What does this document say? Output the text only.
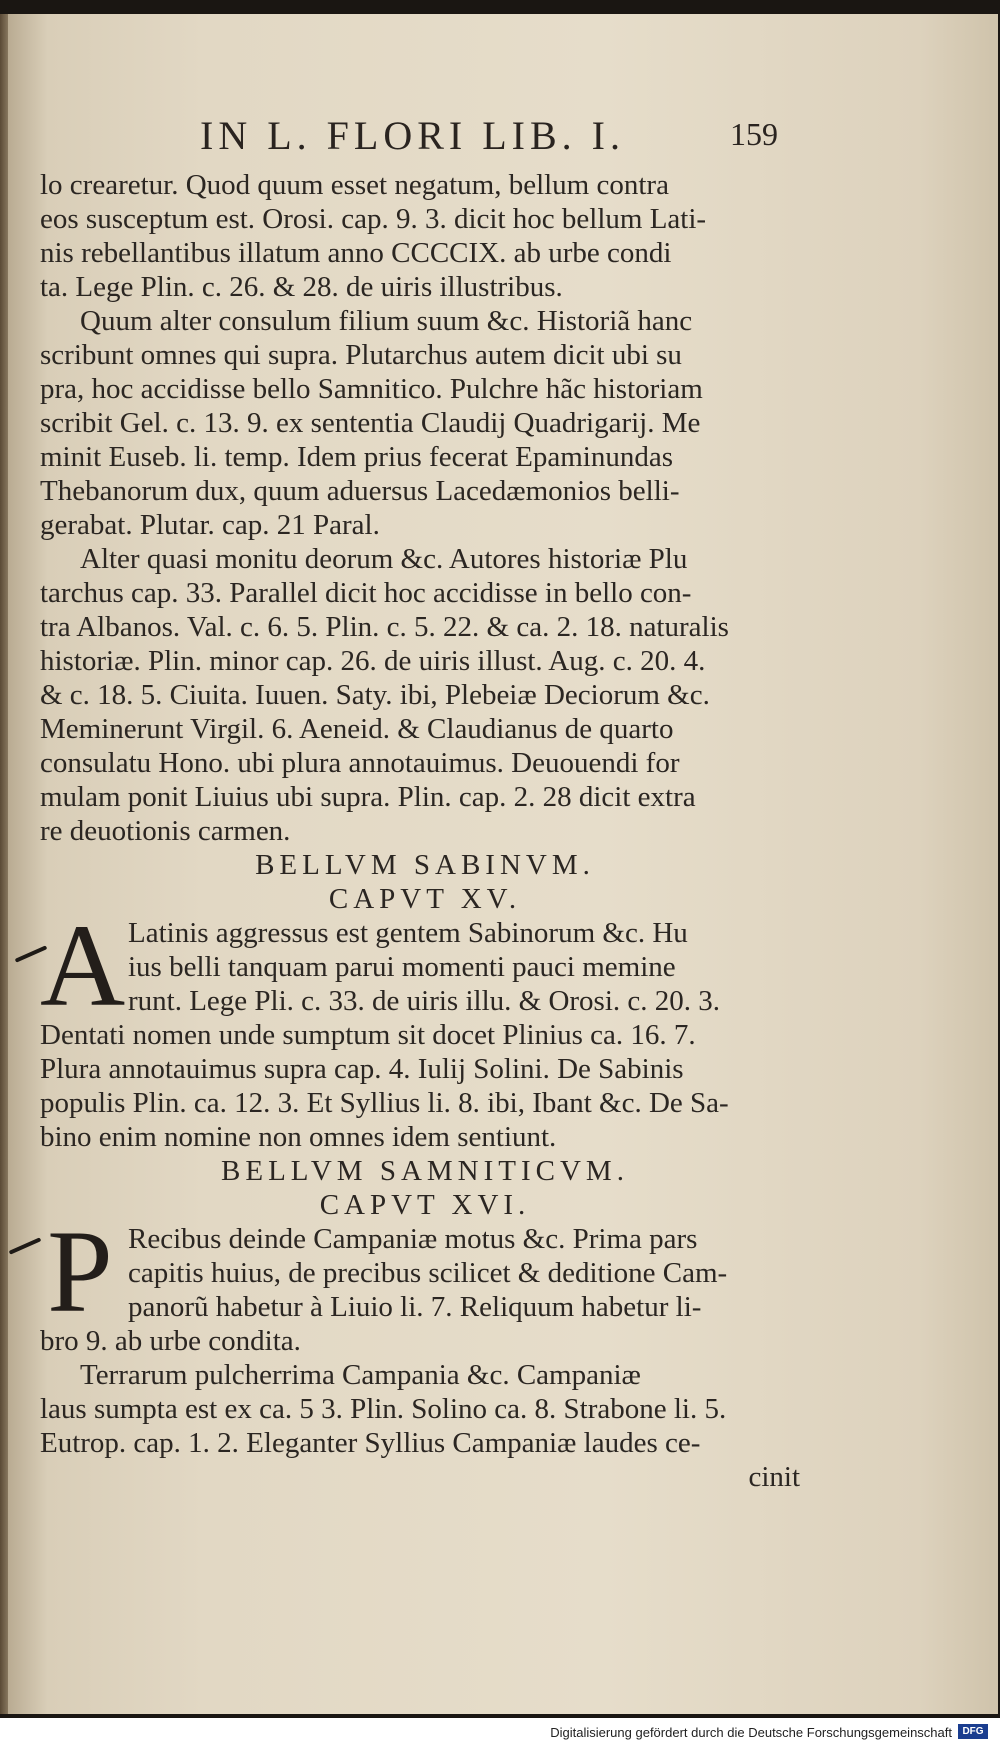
IN L. FLORI LIB. I.	159
lo crearetur. Quod quum esset negatum, bellum contra
eos susceptum est. Orosi. cap. 9. 3. dicit hoc bellum Lati-
nis rebellantibus illatum anno CCCCIX. ab urbe condi
ta. Lege Plin. c. 26. & 28. de uiris illustribus.
Quum alter consulum filium suum &c. Historiã hanc
scribunt omnes qui supra. Plutarchus autem dicit ubi su
pra, hoc accidisse bello Samnitico. Pulchre hãc historiam
scribit Gel. c. 13. 9. ex sententia Claudij Quadrigarij. Me
minit Euseb. li. temp. Idem prius fecerat Epaminundas
Thebanorum dux, quum aduersus Lacedæmonios belli-
gerabat. Plutar. cap. 21 Paral.
Alter quasi monitu deorum &c. Autores historiæ Plu
tarchus cap. 33. Parallel dicit hoc accidisse in bello con-
tra Albanos. Val. c. 6. 5. Plin. c. 5. 22. & ca. 2. 18. naturalis
historiæ. Plin. minor cap. 26. de uiris illust. Aug. c. 20. 4.
& c. 18. 5. Ciuita. Iuuen. Saty. ibi, Plebeiæ Deciorum &c.
Meminerunt Virgil. 6. Aeneid. & Claudianus de quarto
consulatu Hono. ubi plura annotauimus. Deuouendi for
mulam ponit Liuius ubi supra. Plin. cap. 2. 28 dicit extra
re deuotionis carmen.
BELLVM SABINVM.
CAPVT XV.
A Latinis aggressus est gentem Sabinorum &c. Hu
ius belli tanquam parui momenti pauci memine
runt. Lege Pli. c. 33. de uiris illu. & Orosi. c. 20. 3.
Dentati nomen unde sumptum sit docet Plinius ca. 16. 7.
Plura annotauimus supra cap. 4. Iulij Solini. De Sabinis
populis Plin. ca. 12. 3. Et Syllius li. 8. ibi, Ibant &c. De Sa-
bino enim nomine non omnes idem sentiunt.
BELLVM SAMNITICVM.
CAPVT XVI.
P Recibus deinde Campaniæ motus &c. Prima pars
capitis huius, de precibus scilicet & deditione Cam-
panorũ habetur à Liuio li. 7. Reliquum habetur li-
bro 9. ab urbe condita.
Terrarum pulcherrima Campania &c. Campaniæ
laus sumpta est ex ca. 5 3. Plin. Solino ca. 8. Strabone li. 5.
Eutrop. cap. 1. 2. Eleganter Syllius Campaniæ laudes ce-
cinit
Digitalisierung gefördert durch die Deutsche Forschungsgemeinschaft	DFG
